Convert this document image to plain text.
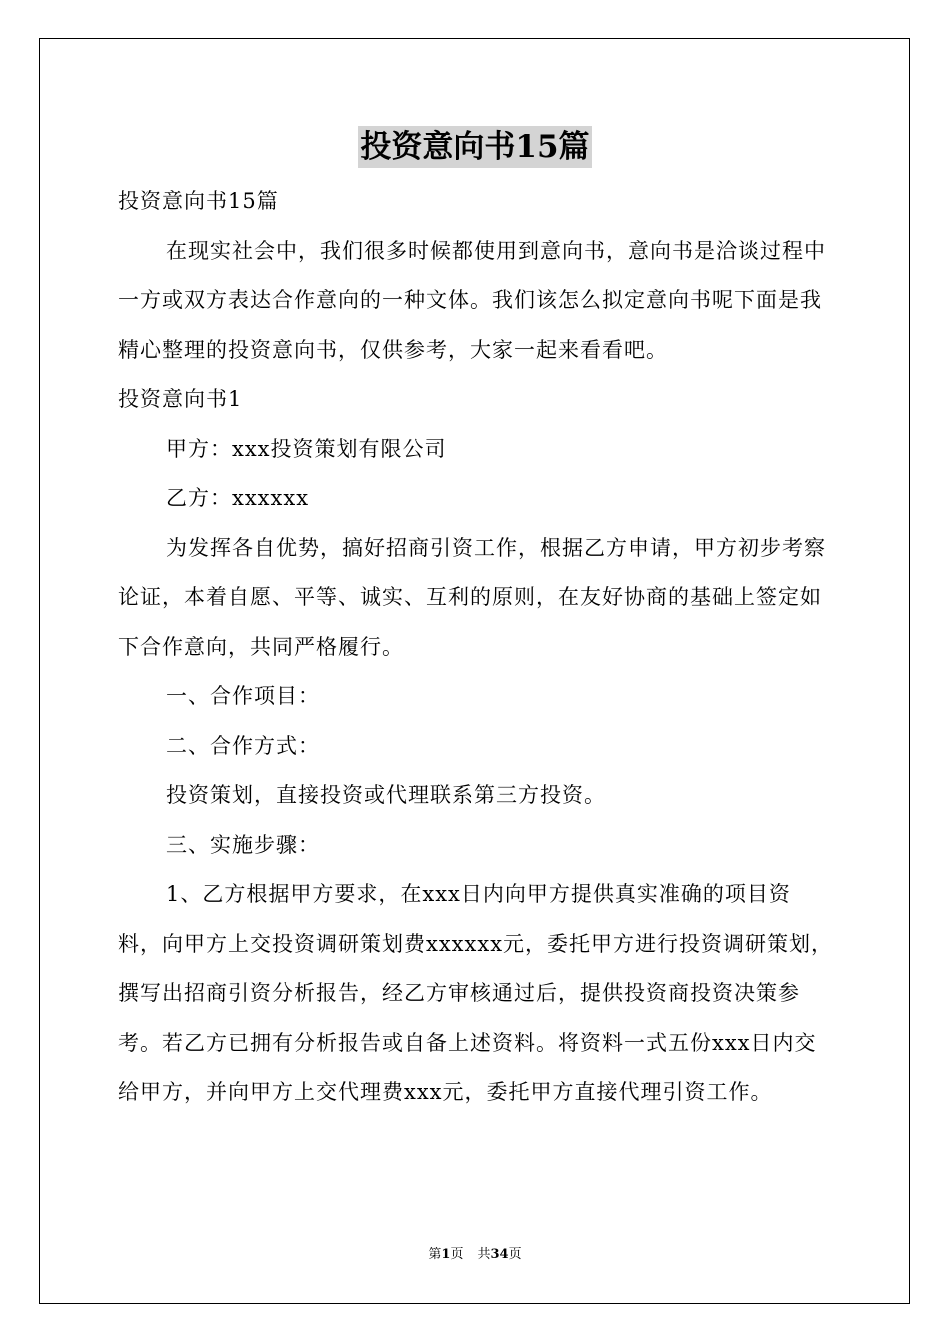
投资意向书15篇

投资意向书15篇

在现实社会中，我们很多时候都使用到意向书，意向书是洽谈过程中一方或双方表达合作意向的一种文体。我们该怎么拟定意向书呢下面是我精心整理的投资意向书，仅供参考，大家一起来看看吧。

投资意向书1

甲方：xxx投资策划有限公司

乙方：xxxxxx

为发挥各自优势，搞好招商引资工作，根据乙方申请，甲方初步考察论证，本着自愿、平等、诚实、互利的原则，在友好协商的基础上签定如下合作意向，共同严格履行。

一、合作项目：

二、合作方式：

投资策划，直接投资或代理联系第三方投资。

三、实施步骤：

1、乙方根据甲方要求，在xxx日内向甲方提供真实准确的项目资料，向甲方上交投资调研策划费xxxxxx元，委托甲方进行投资调研策划，撰写出招商引资分析报告，经乙方审核通过后，提供投资商投资决策参考。若乙方已拥有分析报告或自备上述资料。将资料一式五份xxx日内交给甲方，并向甲方上交代理费xxx元，委托甲方直接代理引资工作。

第1页 共34页
